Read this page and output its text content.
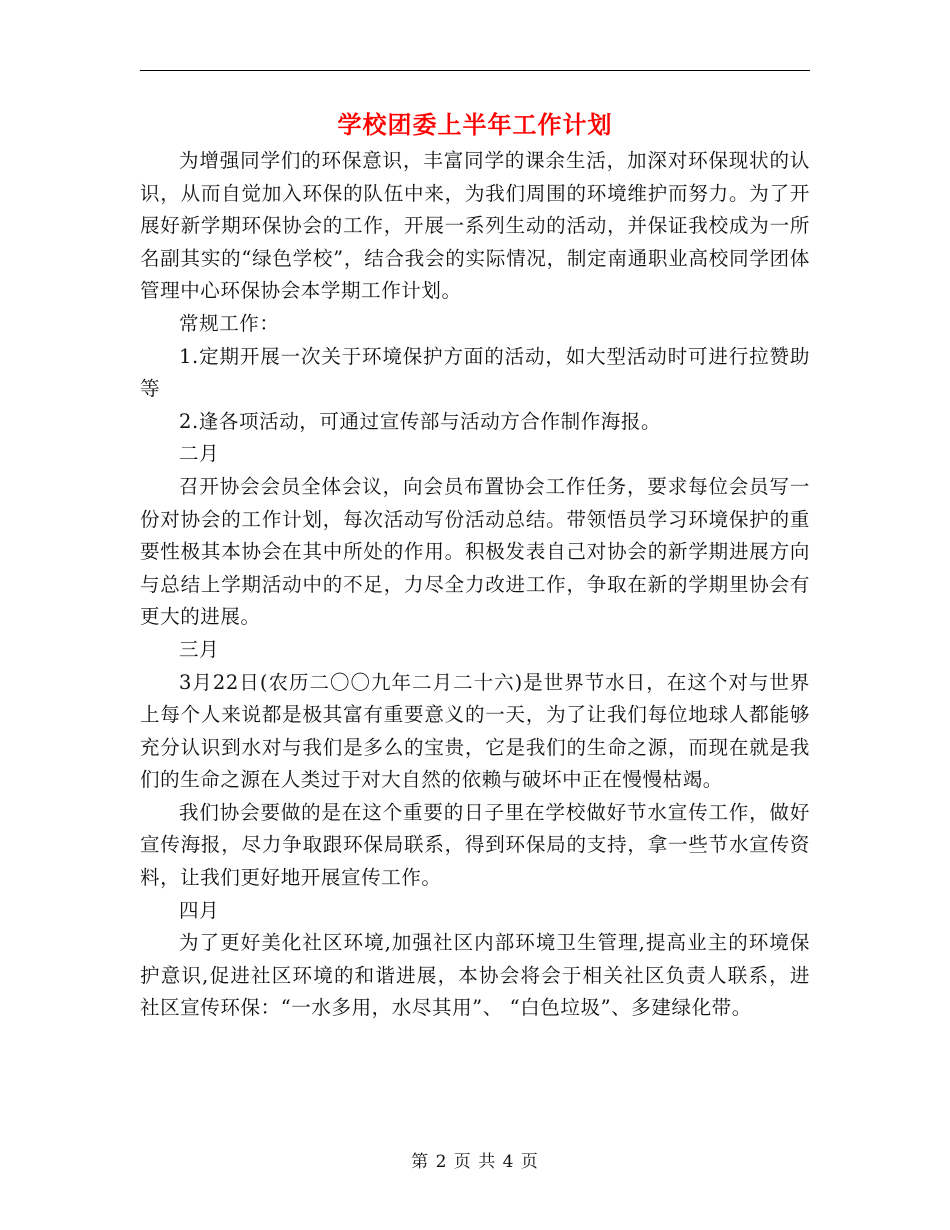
学校团委上半年工作计划

为增强同学们的环保意识，丰富同学的课余生活，加深对环保现状的认识，从而自觉加入环保的队伍中来，为我们周围的环境维护而努力。为了开展好新学期环保协会的工作，开展一系列生动的活动，并保证我校成为一所名副其实的“绿色学校”，结合我会的实际情况，制定南通职业高校同学团体管理中心环保协会本学期工作计划。

常规工作：

1.定期开展一次关于环境保护方面的活动，如大型活动时可进行拉赞助等

2.逢各项活动，可通过宣传部与活动方合作制作海报。

二月

召开协会会员全体会议，向会员布置协会工作任务，要求每位会员写一份对协会的工作计划，每次活动写份活动总结。带领悟员学习环境保护的重要性极其本协会在其中所处的作用。积极发表自己对协会的新学期进展方向与总结上学期活动中的不足，力尽全力改进工作，争取在新的学期里协会有更大的进展。

三月

3月22日(农历二〇〇九年二月二十六)是世界节水日，在这个对与世界上每个人来说都是极其富有重要意义的一天，为了让我们每位地球人都能够充分认识到水对与我们是多么的宝贵，它是我们的生命之源，而现在就是我们的生命之源在人类过于对大自然的依赖与破坏中正在慢慢枯竭。

我们协会要做的是在这个重要的日子里在学校做好节水宣传工作，做好宣传海报，尽力争取跟环保局联系，得到环保局的支持，拿一些节水宣传资料，让我们更好地开展宣传工作。

四月

为了更好美化社区环境,加强社区内部环境卫生管理,提高业主的环境保护意识,促进社区环境的和谐进展，本协会将会于相关社区负责人联系，进社区宣传环保：“一水多用，水尽其用”、 “白色垃圾”、多建绿化带。

第 2 页 共 4 页
